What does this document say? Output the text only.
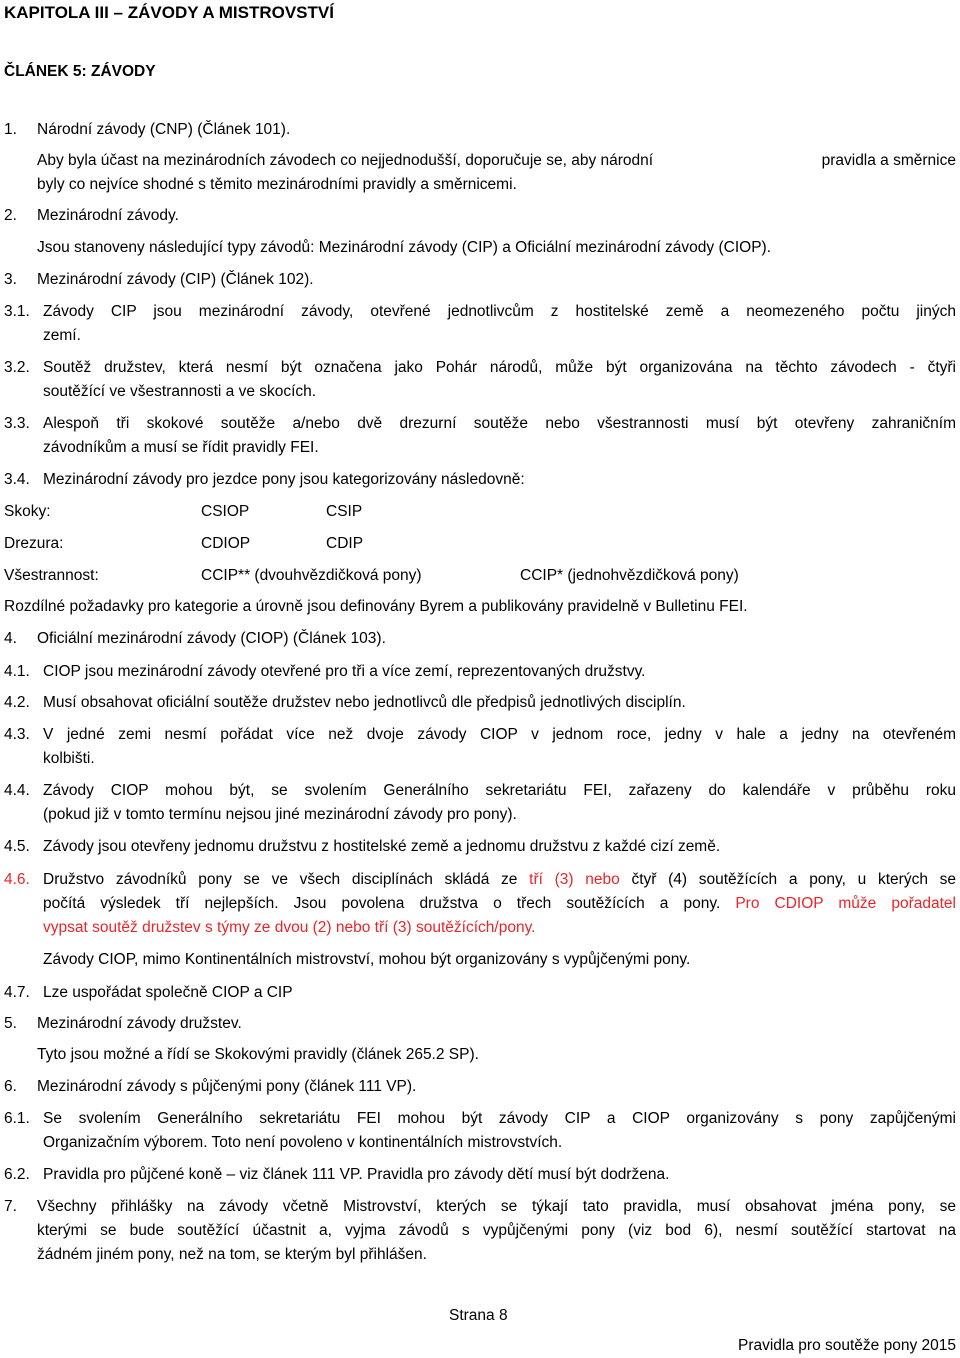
KAPITOLA III – ZÁVODY A MISTROVSTVÍ
ČLÁNEK 5: ZÁVODY
1. Národní závody (CNP) (Článek 101).
Aby byla účast na mezinárodních závodech co nejjednodušší, doporučuje se, aby národní	pravidla a směrnice
byly co nejvíce shodné s těmito mezinárodními pravidly a směrnicemi.
2. Mezinárodní závody.
Jsou stanoveny následující typy závodů: Mezinárodní závody (CIP) a Oficiální mezinárodní závody (CIOP).
3. Mezinárodní závody (CIP) (Článek 102).
3.1. Závody CIP jsou mezinárodní závody, otevřené jednotlivcům z hostitelské země a neomezeného počtu jiných
zemí.
3.2. Soutěž družstev, která nesmí být označena jako Pohár národů, může být organizována na těchto závodech - čtyři
soutěžící ve všestrannosti a ve skocích.
3.3. Alespoň tři skokové soutěže a/nebo dvě drezurní soutěže nebo všestrannosti musí být otevřeny zahraničním
závodníkům a musí se řídit pravidly FEI.
3.4. Mezinárodní závody pro jezdce pony jsou kategorizovány následovně:
Skoky:	CSIOP	CSIP
Drezura:	CDIOP	CDIP
Všestrannost:	CCIP** (dvouhvězdičková pony)	CCIP* (jednohvězdičková pony)
Rozdílné požadavky pro kategorie a úrovně jsou definovány Byrem a publikovány pravidelně v Bulletinu FEI.
4. Oficiální mezinárodní závody (CIOP) (Článek 103).
4.1. CIOP jsou mezinárodní závody otevřené pro tři a více zemí, reprezentovaných družstvy.
4.2. Musí obsahovat oficiální soutěže družstev nebo jednotlivců dle předpisů jednotlivých disciplín.
4.3. V jedné zemi nesmí pořádat více než dvoje závody CIOP v jednom roce, jedny v hale a jedny na otevřeném
kolbišti.
4.4. Závody CIOP mohou být, se svolením Generálního sekretariátu FEI, zařazeny do kalendáře v průběhu roku
(pokud již v tomto termínu nejsou jiné mezinárodní závody pro pony).
4.5. Závody jsou otevřeny jednomu družstvu z hostitelské země a jednomu družstvu z každé cizí země.
4.6. Družstvo závodníků pony se ve všech disciplínách skládá ze tří (3) nebo čtyř (4) soutěžících a pony, u kterých se
počítá výsledek tří nejlepších. Jsou povolena družstva o třech soutěžících a pony. Pro CDIOP může pořadatel
vypsat soutěž družstev s týmy ze dvou (2) nebo tří (3) soutěžících/pony.
Závody CIOP, mimo Kontinentálních mistrovství, mohou být organizovány s vypůjčenými pony.
4.7. Lze uspořádat společně CIOP a CIP
5. Mezinárodní závody družstev.
Tyto jsou možné a řídí se Skokovými pravidly (článek 265.2 SP).
6. Mezinárodní závody s půjčenými pony (článek 111 VP).
6.1. Se svolením Generálního sekretariátu FEI mohou být závody CIP a CIOP organizovány s pony zapůjčenými
Organizačním výborem. Toto není povoleno v kontinentálních mistrovstvích.
6.2. Pravidla pro půjčené koně – viz článek 111 VP. Pravidla pro závody dětí musí být dodržena.
7. Všechny přihlášky na závody včetně Mistrovství, kterých se týkají tato pravidla, musí obsahovat jména pony, se
kterými se bude soutěžící účastnit a, vyjma závodů s vypůjčenými pony (viz bod 6), nesmí soutěžící startovat na
žádném jiném pony, než na tom, se kterým byl přihlášen.
Strana 8
Pravidla pro soutěže pony 2015
